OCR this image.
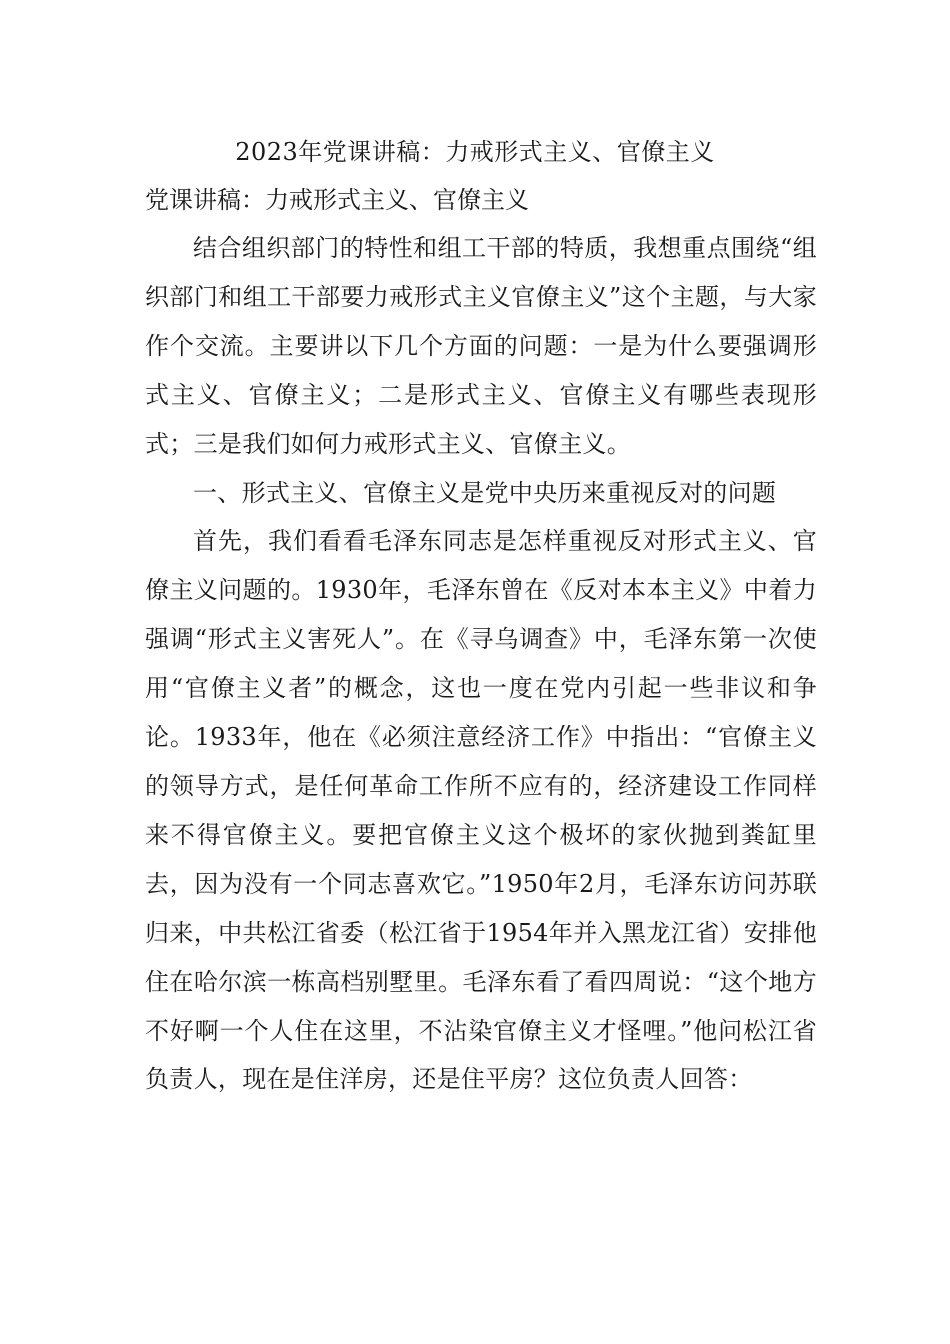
2023年党课讲稿：力戒形式主义、官僚主义
党课讲稿：力戒形式主义、官僚主义

结合组织部门的特性和组工干部的特质，我想重点围绕“组织部门和组工干部要力戒形式主义官僚主义”这个主题，与大家作个交流。主要讲以下几个方面的问题：一是为什么要强调形式主义、官僚主义；二是形式主义、官僚主义有哪些表现形式；三是我们如何力戒形式主义、官僚主义。

一、形式主义、官僚主义是党中央历来重视反对的问题

首先，我们看看毛泽东同志是怎样重视反对形式主义、官僚主义问题的。1930年，毛泽东曾在《反对本本主义》中着力强调“形式主义害死人”。在《寻乌调查》中，毛泽东第一次使用“官僚主义者”的概念，这也一度在党内引起一些非议和争论。1933年，他在《必须注意经济工作》中指出：“官僚主义的领导方式，是任何革命工作所不应有的，经济建设工作同样来不得官僚主义。要把官僚主义这个极坏的家伙抛到粪缸里去，因为没有一个同志喜欢它。”1950年2月，毛泽东访问苏联归来，中共松江省委（松江省于1954年并入黑龙江省）安排他住在哈尔滨一栋高档别墅里。毛泽东看了看四周说：“这个地方不好啊一个人住在这里，不沾染官僚主义才怪哩。”他问松江省负责人，现在是住洋房，还是住平房？这位负责人回答：
